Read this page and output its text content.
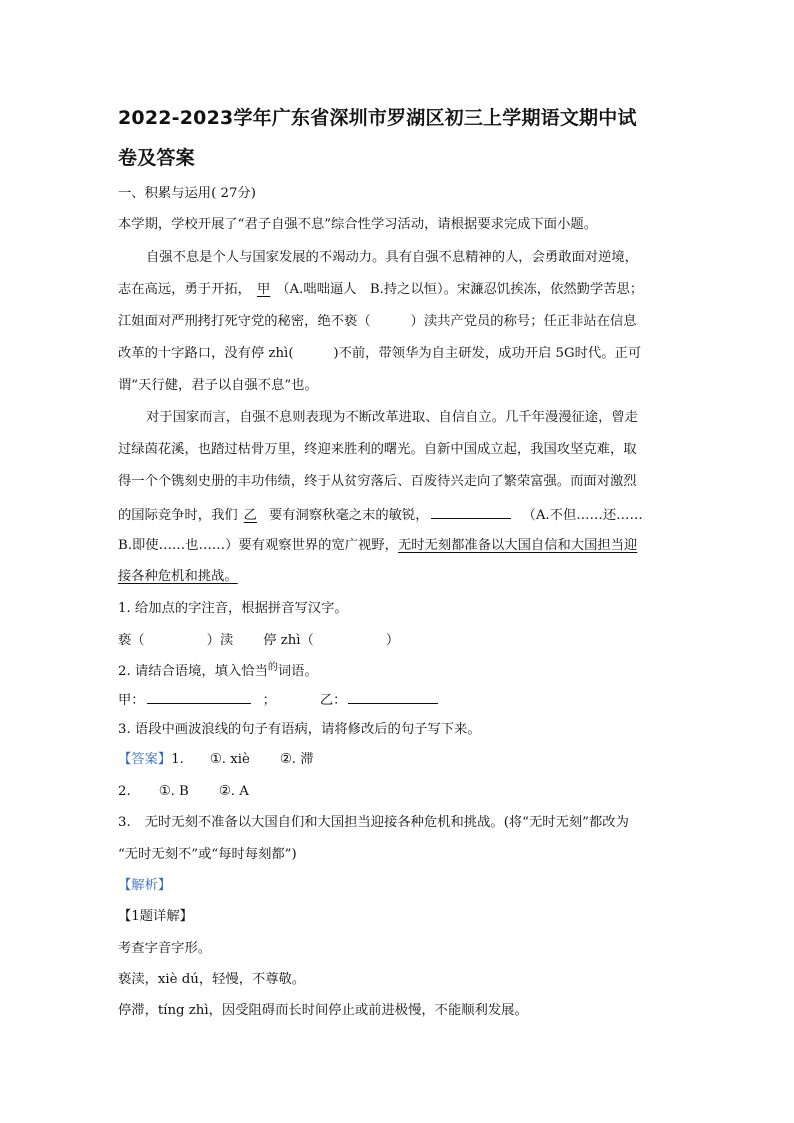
2022-2023学年广东省深圳市罗湖区初三上学期语文期中试
卷及答案
一、积累与运用( 27分)
本学期，学校开展了“君子自强不息”综合性学习活动，请根据要求完成下面小题。
自强不息是个人与国家发展的不竭动力。具有自强不息精神的人，会勇敢面对逆境，
志在高远，勇于开拓， 甲 （A.咄咄逼人　B.持之以恒）。宋濂忍饥挨冻，依然勤学苦思；
江姐面对严刑拷打死守党的秘密，绝不亵（　　　）渎共产党员的称号；任正非站在信息
改革的十字路口，没有停 zhì(　　　)不前，带领华为自主研发，成功开启 5G时代。正可
谓“天行健，君子以自强不息”也。
对于国家而言，自强不息则表现为不断改革进取、自信自立。几千年漫漫征途，曾走
过绿茵花溪，也踏过枯骨万里，终迎来胜利的曙光。自新中国成立起，我国攻坚克难，取
得一个个镌刻史册的丰功伟绩，终于从贫穷落后、百废待兴走向了繁荣富强。而面对激烈
的国际竞争时，我们 乙 要有洞察秋毫之末的敏锐，	（A.不但……还……
B.即使……也……）要有观察世界的宽广视野，无时无刻都准备以大国自信和大国担当迎
接各种危机和挑战。
1. 给加点的字注音，根据拼音写汉字。
亵（	）渎 停 zhì（	）
2. 请结合语境，填入恰当$^的$词语。
甲：	；	乙：
3. 语段中画波浪线的句子有语病，请将修改后的句子写下来。
【答案】1. ①. xiè ②. 滞
2. ①. B ②. A
3. 无时无刻不准备以大国自们和大国担当迎接各种危机和挑战。(将“无时无刻”都改为
“无时无刻不”或“每时每刻都”)
【解析】
【1题详解】
考查字音字形。
亵渎，xiè dú，轻慢，不尊敬。
停滞，tíng zhì，因受阻碍而长时间停止或前进极慢，不能顺利发展。
